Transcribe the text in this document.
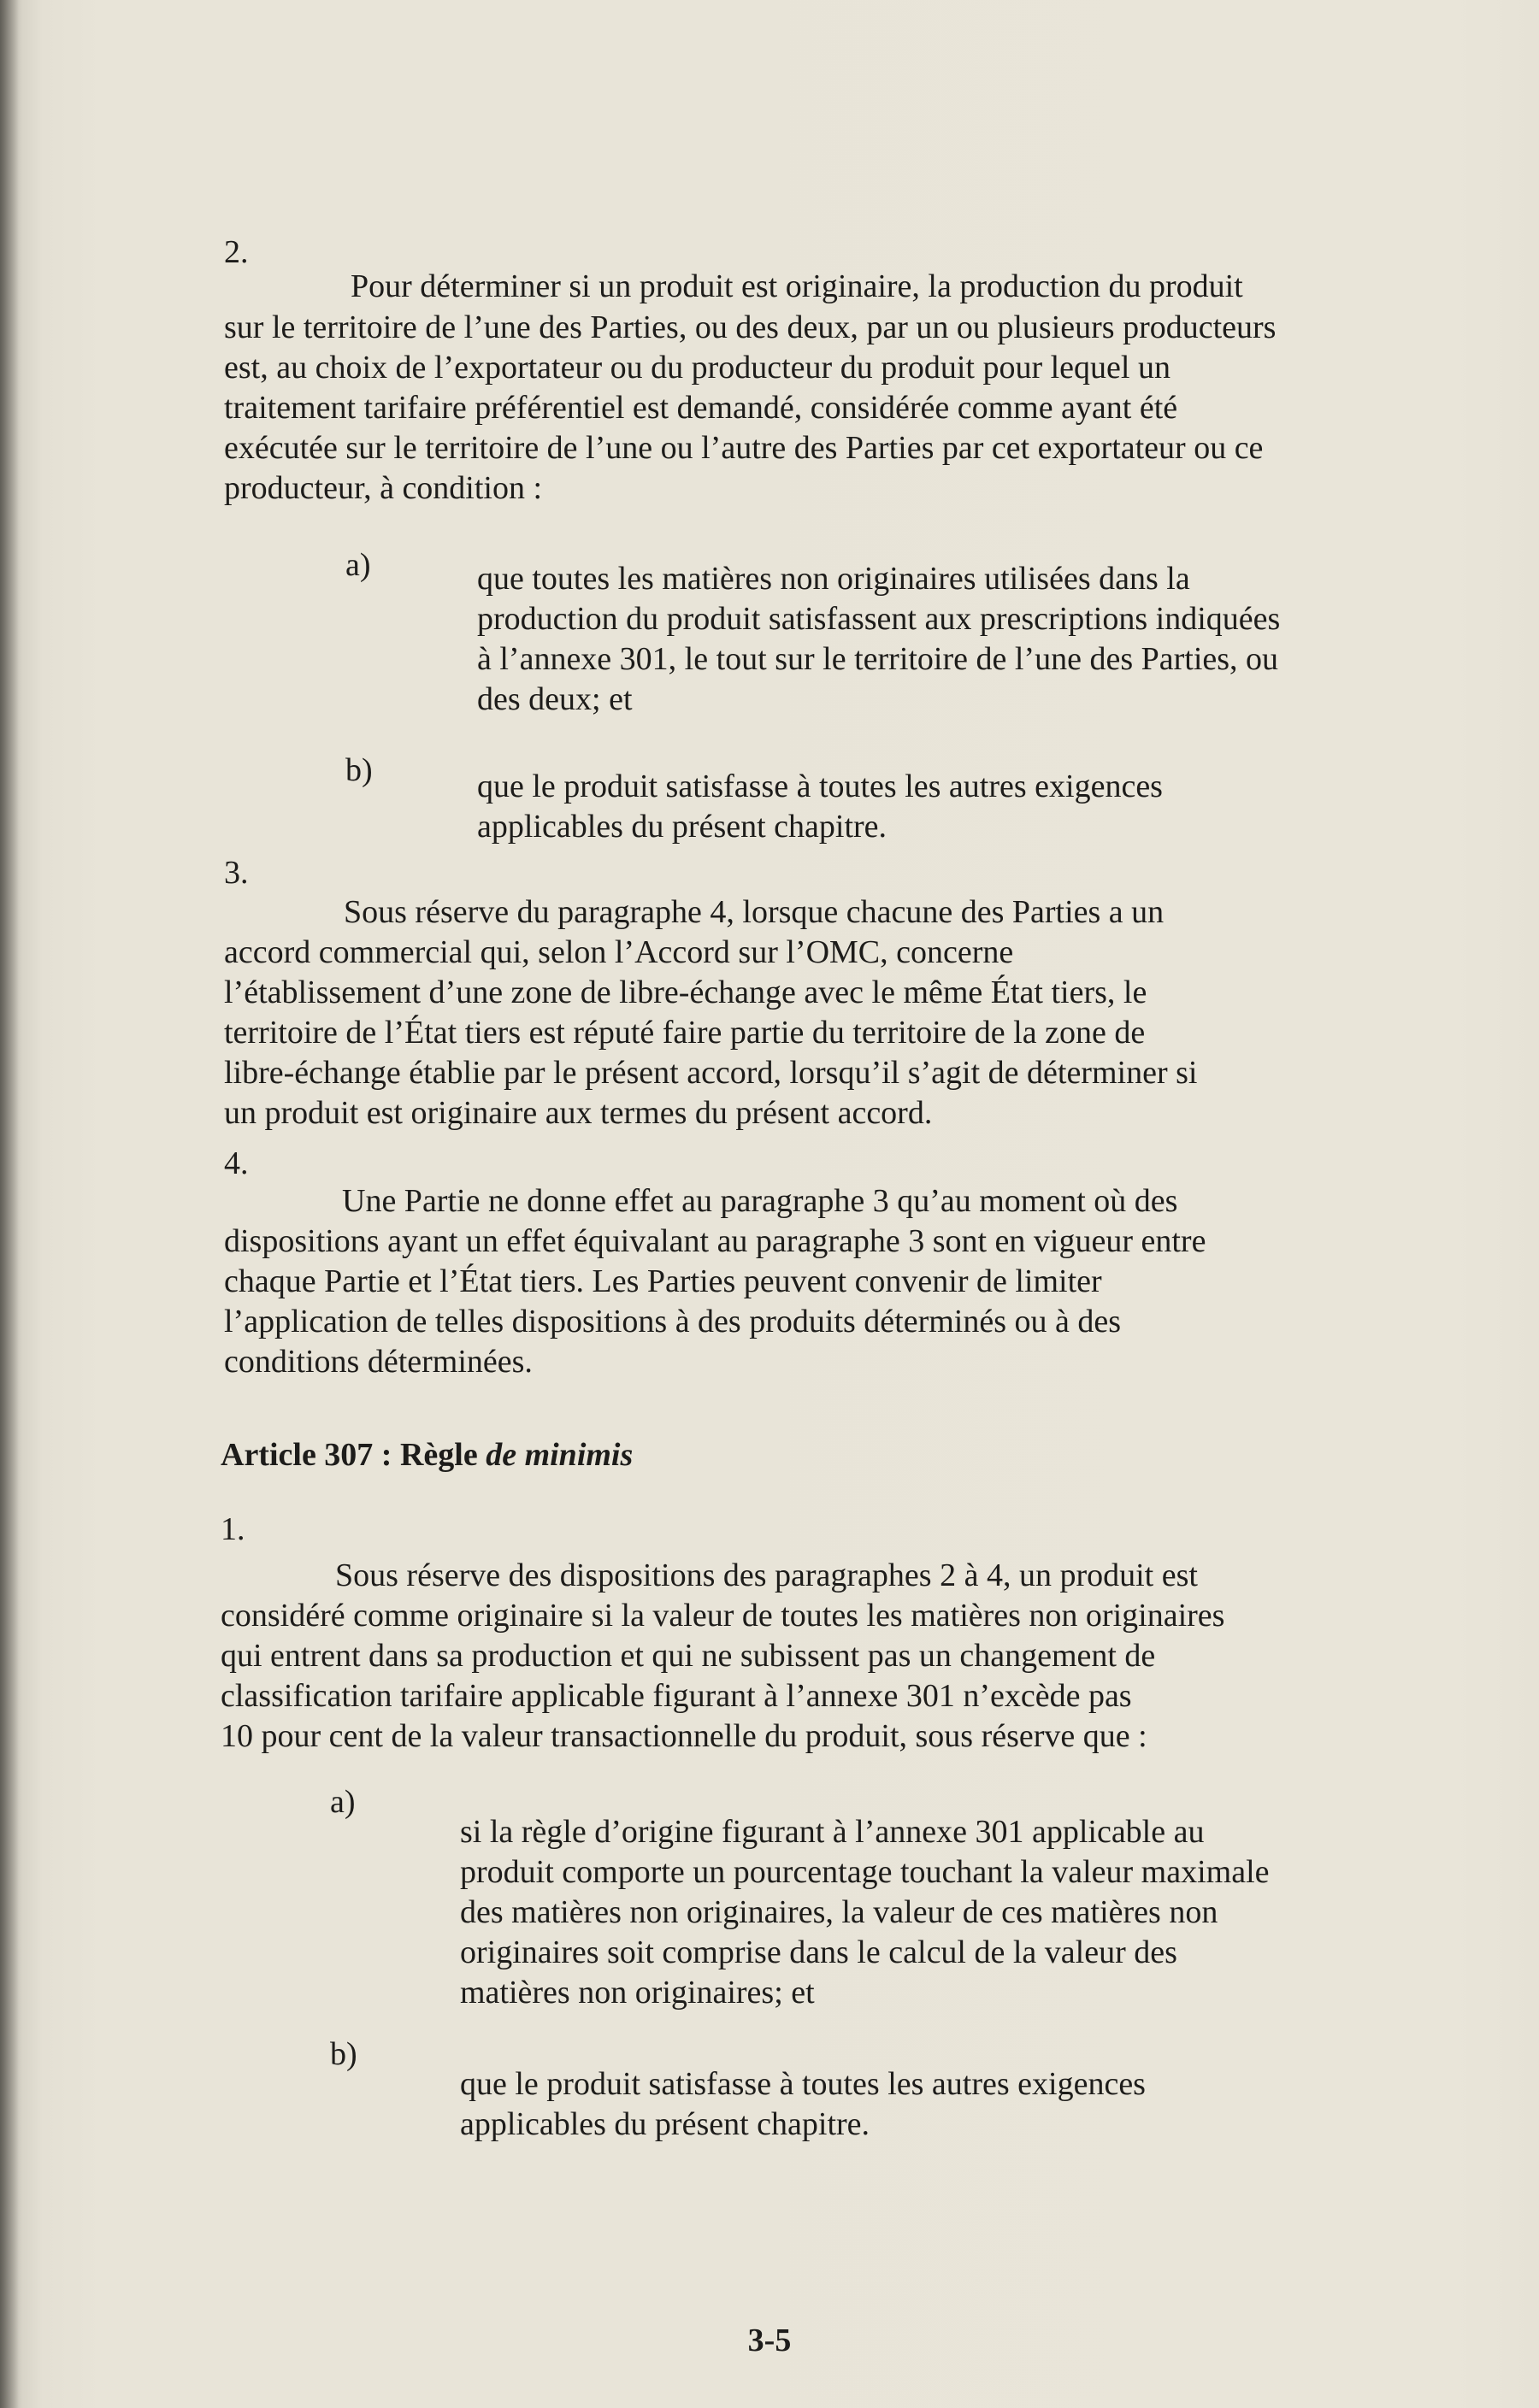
2.
Pour déterminer si un produit est originaire, la production du produit
sur le territoire de l’une des Parties, ou des deux, par un ou plusieurs producteurs
est, au choix de l’exportateur ou du producteur du produit pour lequel un
traitement tarifaire préférentiel est demandé, considérée comme ayant été
exécutée sur le territoire de l’une ou l’autre des Parties par cet exportateur ou ce
producteur, à condition :
a)	que toutes les matières non originaires utilisées dans la
production du produit satisfassent aux prescriptions indiquées
à l’annexe 301, le tout sur le territoire de l’une des Parties, ou
des deux; et
b)	que le produit satisfasse à toutes les autres exigences
applicables du présent chapitre.
3.
Sous réserve du paragraphe 4, lorsque chacune des Parties a un
accord commercial qui, selon l’Accord sur l’OMC, concerne
l’établissement d’une zone de libre-échange avec le même État tiers, le
territoire de l’État tiers est réputé faire partie du territoire de la zone de
libre-échange établie par le présent accord, lorsqu’il s’agit de déterminer si
un produit est originaire aux termes du présent accord.
4.
Une Partie ne donne effet au paragraphe 3 qu’au moment où des
dispositions ayant un effet équivalant au paragraphe 3 sont en vigueur entre
chaque Partie et l’État tiers. Les Parties peuvent convenir de limiter
l’application de telles dispositions à des produits déterminés ou à des
conditions déterminées.
Article 307 : Règle de minimis
1.
Sous réserve des dispositions des paragraphes 2 à 4, un produit est
considéré comme originaire si la valeur de toutes les matières non originaires
qui entrent dans sa production et qui ne subissent pas un changement de
classification tarifaire applicable figurant à l’annexe 301 n’excède pas
10 pour cent de la valeur transactionnelle du produit, sous réserve que :
a)
si la règle d’origine figurant à l’annexe 301 applicable au
produit comporte un pourcentage touchant la valeur maximale
des matières non originaires, la valeur de ces matières non
originaires soit comprise dans le calcul de la valeur des
matières non originaires; et
b)
que le produit satisfasse à toutes les autres exigences
applicables du présent chapitre.
3-5
